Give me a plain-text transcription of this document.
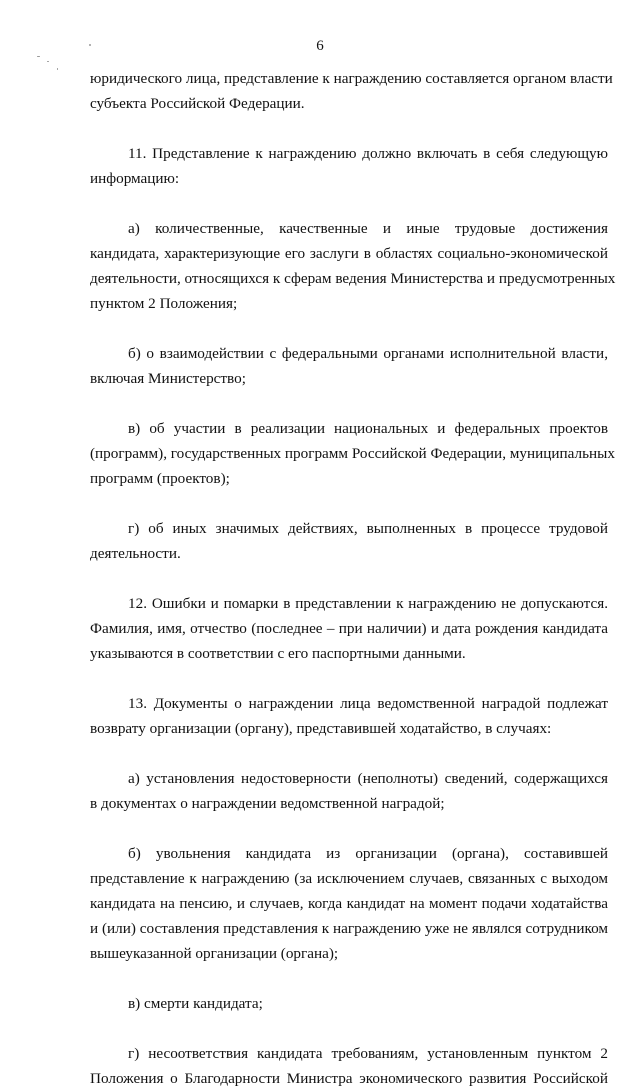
6

юридического лица, представление к награждению составляется органом власти

субъекта Российской Федерации.

11. Представление к награждению должно включать в себя следующую

информацию:

а) количественные, качественные и иные трудовые достижения

кандидата, характеризующие его заслуги в областях социально-экономической

деятельности, относящихся к сферам ведения Министерства и предусмотренных

пунктом 2 Положения;

б) о взаимодействии с федеральными органами исполнительной власти,

включая Министерство;

в) об участии в реализации национальных и федеральных проектов

(программ), государственных программ Российской Федерации, муниципальных

программ (проектов);

г) об иных значимых действиях, выполненных в процессе трудовой

деятельности.

12. Ошибки и помарки в представлении к награждению не допускаются.

Фамилия, имя, отчество (последнее – при наличии) и дата рождения кандидата

указываются в соответствии с его паспортными данными.

13. Документы о награждении лица ведомственной наградой подлежат

возврату организации (органу), представившей ходатайство, в случаях:

а) установления недостоверности (неполноты) сведений, содержащихся

в документах о награждении ведомственной наградой;

б) увольнения кандидата из организации (органа), составившей

представление к награждению (за исключением случаев, связанных с выходом

кандидата на пенсию, и случаев, когда кандидат на момент подачи ходатайства

и (или) составления представления к награждению уже не являлся сотрудником

вышеуказанной организации (органа);

в) смерти кандидата;

г) несоответствия кандидата требованиям, установленным пунктом 2

Положения о Благодарности Министра экономического развития Российской
